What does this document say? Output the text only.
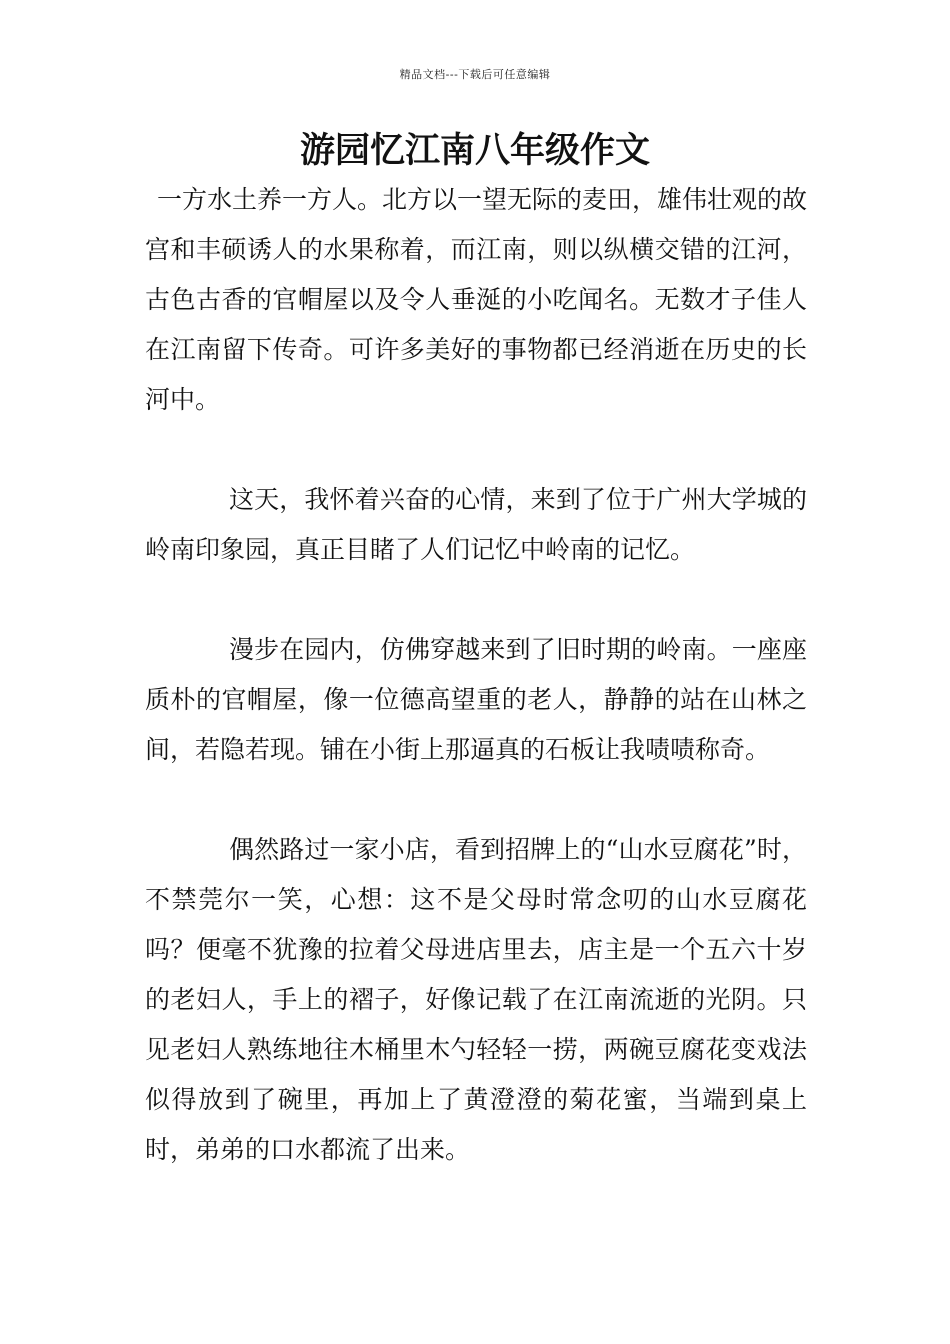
精品文档---下载后可任意编辑
游园忆江南八年级作文

一方水土养一方人。北方以一望无际的麦田，雄伟壮观的故宫和丰硕诱人的水果称着，而江南，则以纵横交错的江河，古色古香的官帽屋以及令人垂涎的小吃闻名。无数才子佳人在江南留下传奇。可许多美好的事物都已经消逝在历史的长河中。

这天，我怀着兴奋的心情，来到了位于广州大学城的岭南印象园，真正目睹了人们记忆中岭南的记忆。

漫步在园内，仿佛穿越来到了旧时期的岭南。一座座质朴的官帽屋，像一位德高望重的老人，静静的站在山林之间，若隐若现。铺在小街上那逼真的石板让我啧啧称奇。

偶然路过一家小店，看到招牌上的“山水豆腐花”时，不禁莞尔一笑，心想：这不是父母时常念叨的山水豆腐花吗？便毫不犹豫的拉着父母进店里去，店主是一个五六十岁的老妇人，手上的褶子，好像记载了在江南流逝的光阴。只见老妇人熟练地往木桶里木勺轻轻一捞，两碗豆腐花变戏法似得放到了碗里，再加上了黄澄澄的菊花蜜，当端到桌上时，弟弟的口水都流了出来。
